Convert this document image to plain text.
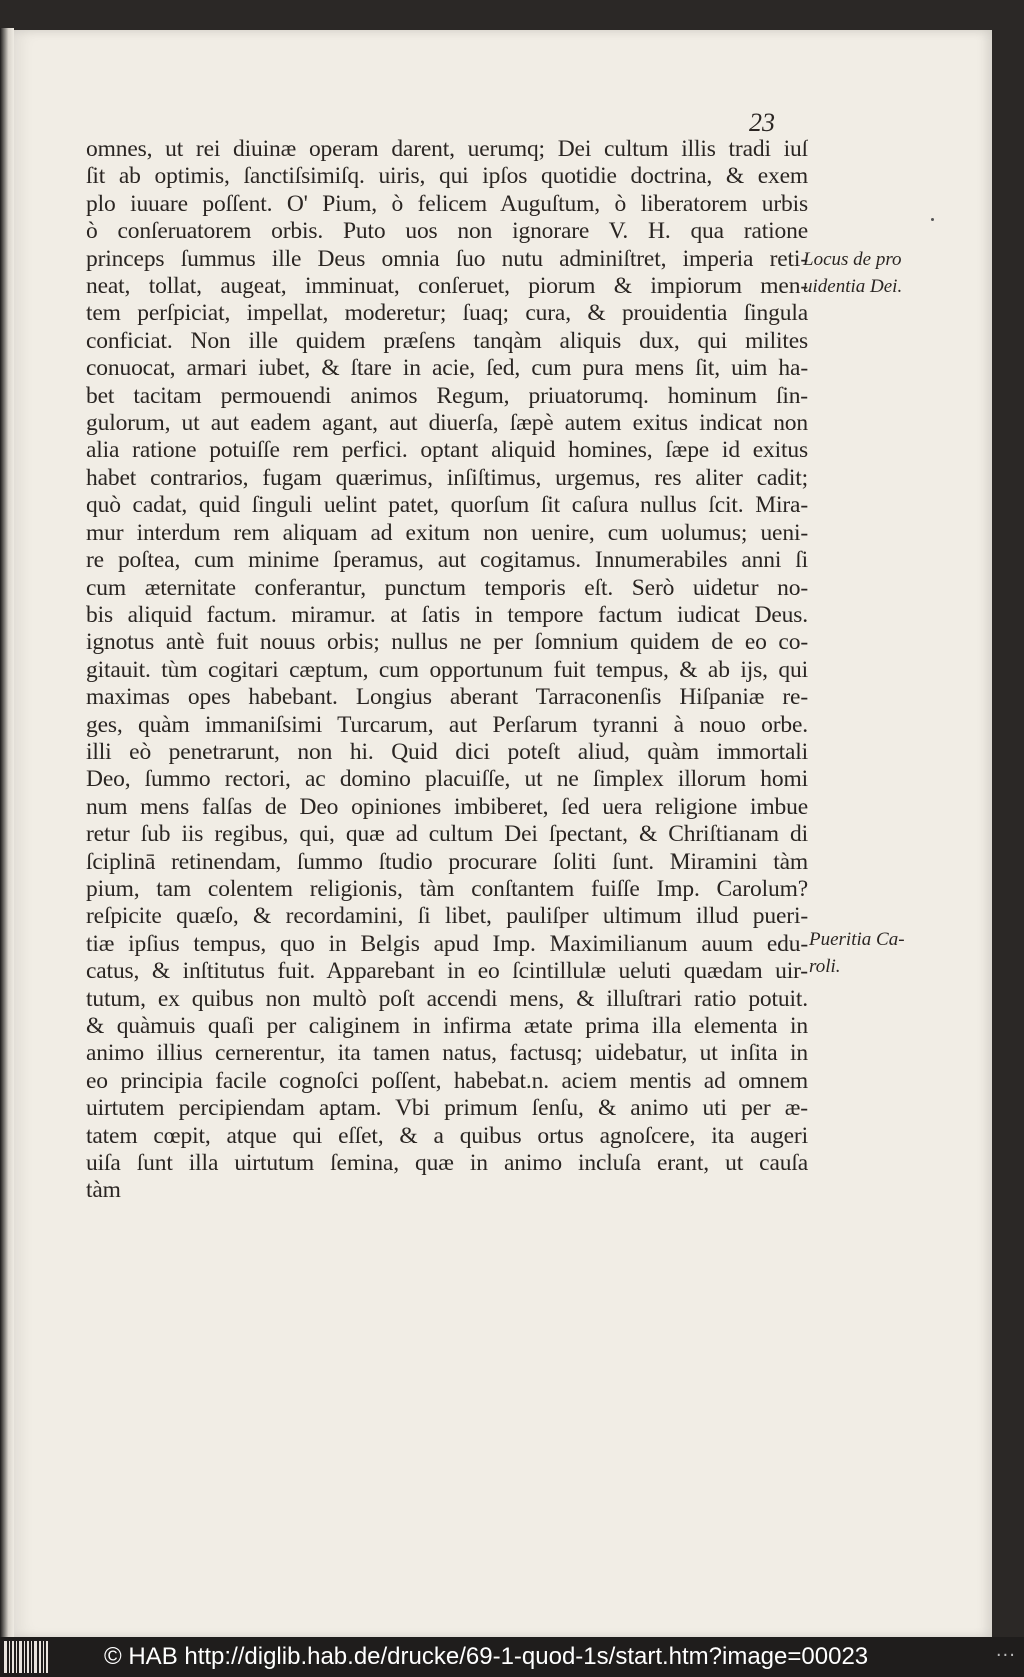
23

omnes, ut rei diuinæ operam darent, uerumq; Dei cultum illis tradi iuſ
ſit ab optimis, ſanctiſsimiſq. uiris, qui ipſos quotidie doctrina, & exem
plo iuuare poſſent. O' Pium, ò felicem Auguſtum, ò liberatorem urbis
ò conſeruatorem orbis. Puto uos non ignorare V. H. qua ratione
princeps ſummus ille Deus omnia ſuo nutu adminiſtret, imperia reti-
neat, tollat, augeat, imminuat, conſeruet, piorum & impiorum men-
tem perſpiciat, impellat, moderetur; ſuaq; cura, & prouidentia ſingula
conficiat. Non ille quidem præſens tanqàm aliquis dux, qui milites
conuocat, armari iubet, & ſtare in acie, ſed, cum pura mens ſit, uim ha-
bet tacitam permouendi animos Regum, priuatorumq. hominum ſin-
gulorum, ut aut eadem agant, aut diuerſa, ſæpè autem exitus indicat non
alia ratione potuiſſe rem perfici. optant aliquid homines, ſæpe id exitus
habet contrarios, fugam quærimus, inſiſtimus, urgemus, res aliter cadit;
quò cadat, quid ſinguli uelint patet, quorſum ſit caſura nullus ſcit. Mira-
mur interdum rem aliquam ad exitum non uenire, cum uolumus; ueni-
re poſtea, cum minime ſperamus, aut cogitamus. Innumerabiles anni ſi
cum æternitate conferantur, punctum temporis eſt. Serò uidetur no-
bis aliquid factum. miramur. at ſatis in tempore factum iudicat Deus.
ignotus antè fuit nouus orbis; nullus ne per ſomnium quidem de eo co-
gitauit. tùm cogitari cæptum, cum opportunum fuit tempus, & ab ijs, qui
maximas opes habebant. Longius aberant Tarraconenſis Hiſpaniæ re-
ges, quàm immaniſsimi Turcarum, aut Perſarum tyranni à nouo orbe.
illi eò penetrarunt, non hi. Quid dici poteſt aliud, quàm immortali
Deo, ſummo rectori, ac domino placuiſſe, ut ne ſimplex illorum homi
num mens falſas de Deo opiniones imbiberet, ſed uera religione imbue
retur ſub iis regibus, qui, quæ ad cultum Dei ſpectant, & Chriſtianam di
ſciplinā retinendam, ſummo ſtudio procurare ſoliti ſunt. Miramini tàm
pium, tam colentem religionis, tàm conſtantem fuiſſe Imp. Carolum?
reſpicite quæſo, & recordamini, ſi libet, pauliſper ultimum illud pueri-
tiæ ipſius tempus, quo in Belgis apud Imp. Maximilianum auum edu-
catus, & inſtitutus fuit. Apparebant in eo ſcintillulæ ueluti quædam uir-
tutum, ex quibus non multò poſt accendi mens, & illuſtrari ratio potuit.
& quàmuis quaſi per caliginem in infirma ætate prima illa elementa in
animo illius cernerentur, ita tamen natus, factusq; uidebatur, ut inſita in
eo principia facile cognoſci poſſent, habebat.n. aciem mentis ad omnem
uirtutem percipiendam aptam. Vbi primum ſenſu, & animo uti per æ-
tatem cœpit, atque qui eſſet, & a quibus ortus agnoſcere, ita augeri
uiſa ſunt illa uirtutum ſemina, quæ in animo incluſa erant, ut cauſa
tàm
Locus de pro
uidentia Dei.
Pueritia Ca-
roli.
© HAB http://diglib.hab.de/drucke/69-1-quod-1s/start.htm?image=00023	···
